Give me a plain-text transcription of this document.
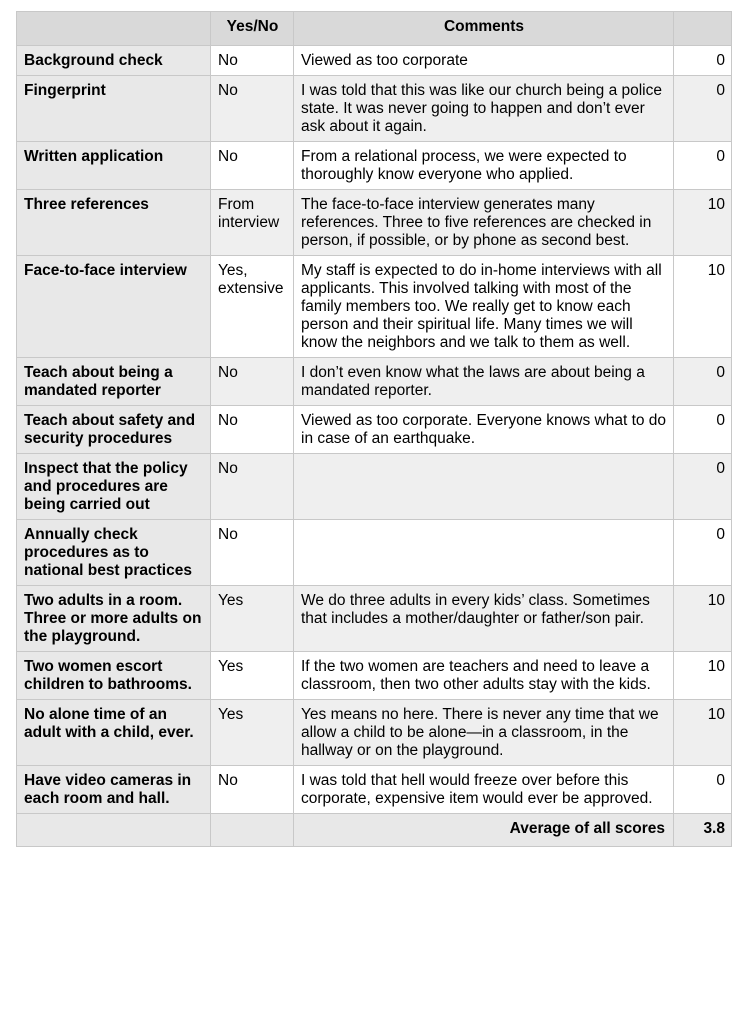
	Yes/No	Comments	
Background check	No	Viewed as too corporate	0
Fingerprint	No	I was told that this was like our church being a police state. It was never going to happen and don’t ever ask about it again.	0
Written application	No	From a relational process, we were expected to thoroughly know everyone who applied.	0
Three references	From interview	The face-to-face interview generates many references. Three to five references are checked in person, if possible, or by phone as second best.	10
Face-to-face interview	Yes, extensive	My staff is expected to do in-home interviews with all applicants. This involved talking with most of the family members too. We really get to know each person and their spiritual life. Many times we will know the neighbors and we talk to them as well.	10
Teach about being a mandated reporter	No	I don’t even know what the laws are about being a mandated reporter.	0
Teach about safety and security procedures	No	Viewed as too corporate. Everyone knows what to do in case of an earthquake.	0
Inspect that the policy and procedures are being carried out	No		0
Annually check procedures as to national best practices	No		0
Two adults in a room. Three or more adults on the playground.	Yes	We do three adults in every kids’ class. Sometimes that includes a mother/daughter or father/son pair.	10
Two women escort children to bathrooms.	Yes	If the two women are teachers and need to leave a classroom, then two other adults stay with the kids.	10
No alone time of an adult with a child, ever.	Yes	Yes means no here. There is never any time that we allow a child to be alone—in a classroom, in the hallway or on the playground.	10
Have video cameras in each room and hall.	No	I was told that hell would freeze over before this corporate, expensive item would ever be approved.	0
		Average of all scores	3.8
